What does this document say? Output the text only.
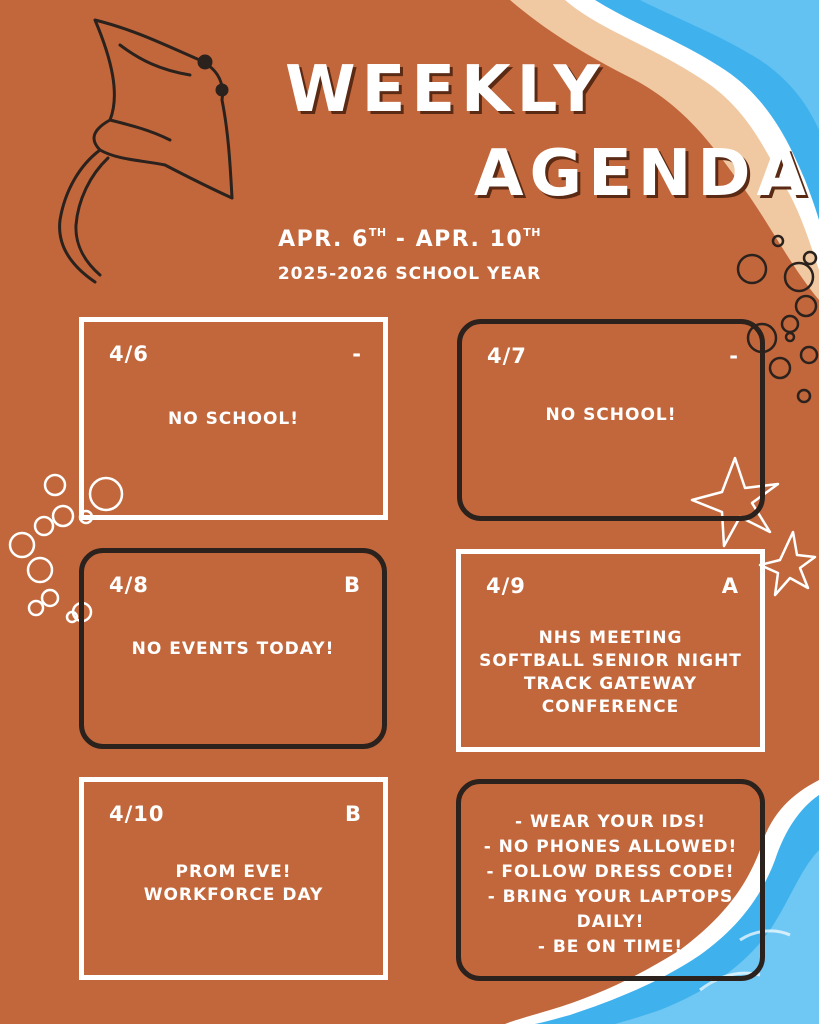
WEEKLY
AGENDA
APR. 6TH - APR. 10TH
2025-2026 SCHOOL YEAR
4/6	-
NO SCHOOL!
4/7	-
NO SCHOOL!
4/8	B
NO EVENTS TODAY!
4/9	A
NHS MEETING
SOFTBALL SENIOR NIGHT
TRACK GATEWAY
CONFERENCE
4/10	B
PROM EVE!
WORKFORCE DAY
- WEAR YOUR IDS!
- NO PHONES ALLOWED!
- FOLLOW DRESS CODE!
- BRING YOUR LAPTOPS
DAILY!
- BE ON TIME!
